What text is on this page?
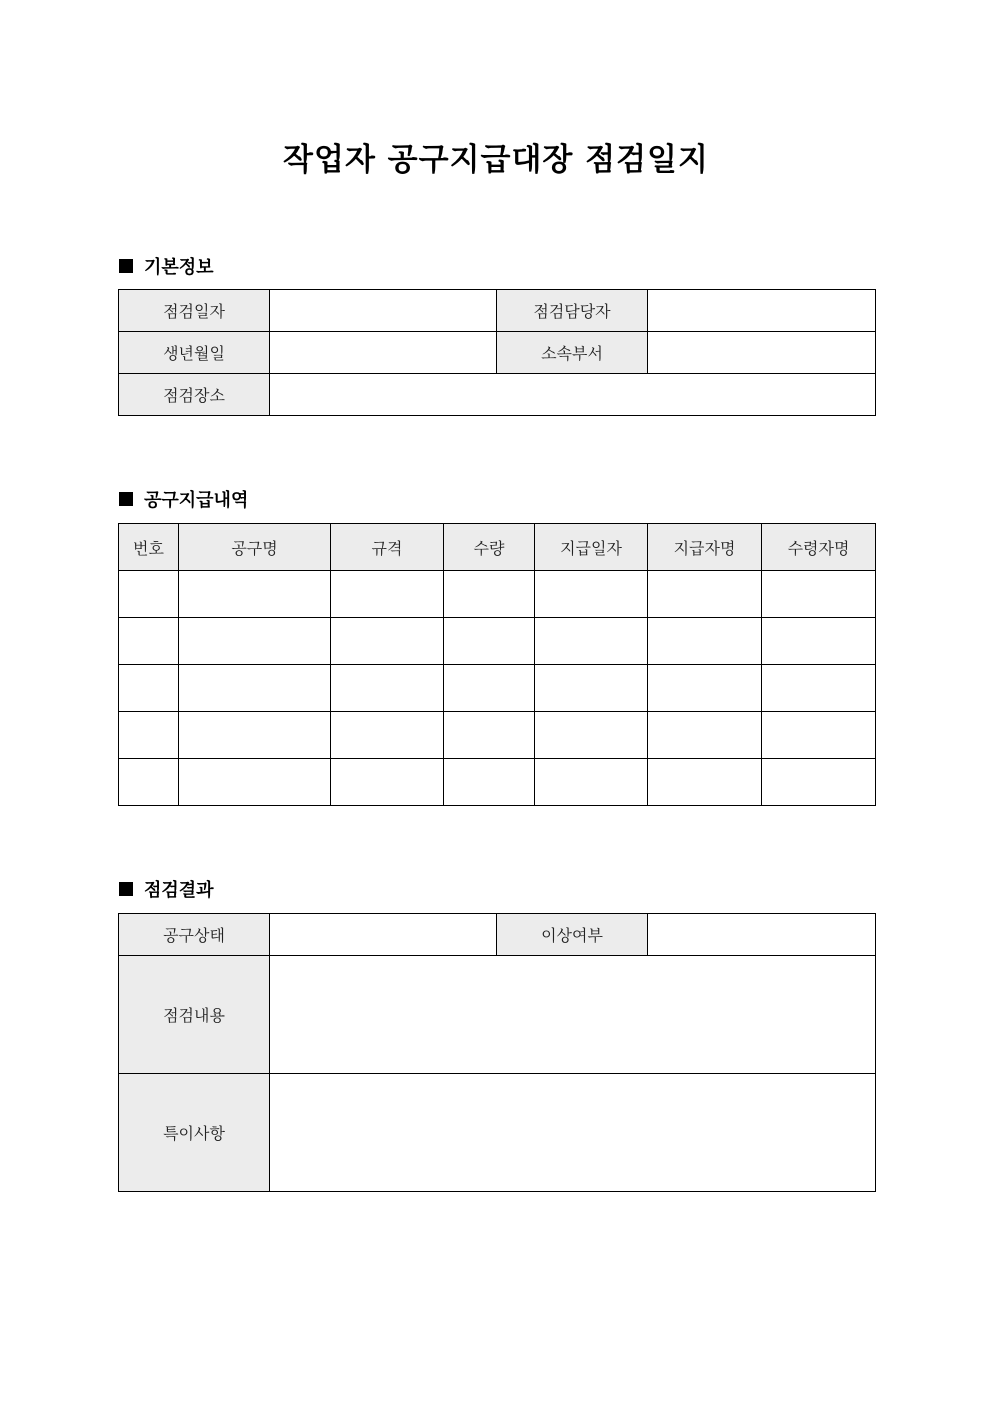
작업자 공구지급대장 점검일지
기본정보
점검일자		점검담당자	
생년월일		소속부서	
점검장소			
공구지급내역
번호	공구명	규격	수량	지급일자	지급자명	수령자명

점검결과
공구상태		이상여부	
점검내용			
특이사항			
